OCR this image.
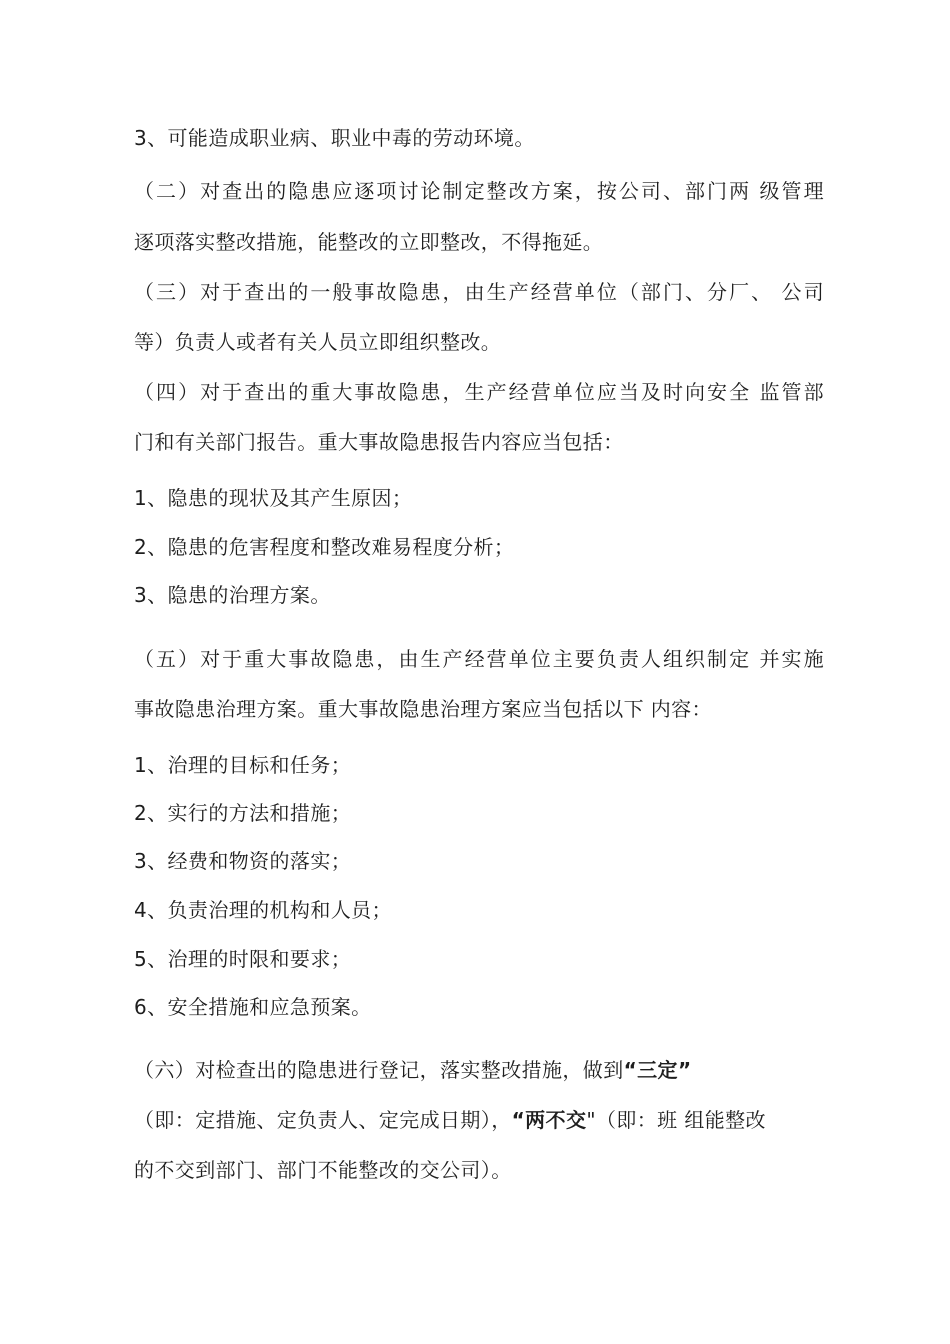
3、可能造成职业病、职业中毒的劳动环境。
（二）对查出的隐患应逐项讨论制定整改方案，按公司、部门两 级管理
逐项落实整改措施，能整改的立即整改，不得拖延。
（三）对于查出的一般事故隐患，由生产经营单位（部门、分厂、 公司
等）负责人或者有关人员立即组织整改。
（四）对于查出的重大事故隐患，生产经营单位应当及时向安全 监管部
门和有关部门报告。重大事故隐患报告内容应当包括：
1、隐患的现状及其产生原因；
2、隐患的危害程度和整改难易程度分析；
3、隐患的治理方案。
（五）对于重大事故隐患，由生产经营单位主要负责人组织制定 并实施
事故隐患治理方案。重大事故隐患治理方案应当包括以下 内容：
1、治理的目标和任务；
2、实行的方法和措施；
3、经费和物资的落实；
4、负责治理的机构和人员；
5、治理的时限和要求；
6、安全措施和应急预案。
（六）对检查出的隐患进行登记，落实整改措施，做到“三定”
（即：定措施、定负责人、定完成日期），“两不交"（即：班 组能整改
的不交到部门、部门不能整改的交公司）。
